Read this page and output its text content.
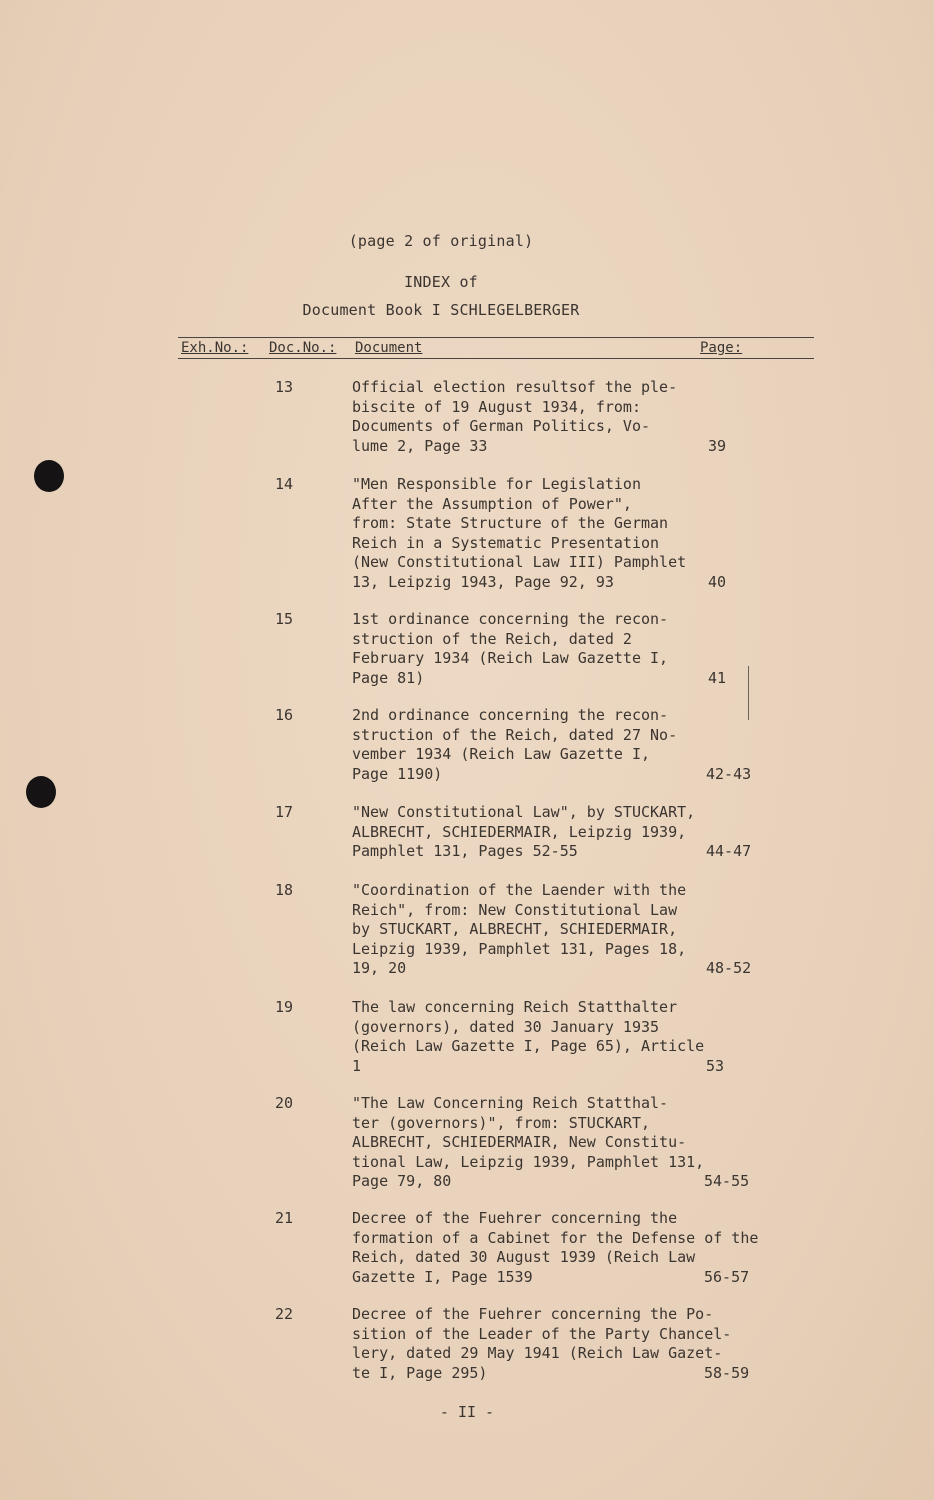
(page 2 of original)
INDEX of
Document Book I SCHLEGELBERGER
Exh.No.: Doc.No.: Document	Page:
13	Official election resultsof the ple-
biscite of 19 August 1934, from:
Documents of German Politics, Vo-
lume 2, Page 33	39
14	"Men Responsible for Legislation
After the Assumption of Power",
from: State Structure of the German
Reich in a Systematic Presentation
(New Constitutional Law III) Pamphlet
13, Leipzig 1943, Page 92, 93	40
15	1st ordinance concerning the recon-
struction of the Reich, dated 2
February 1934 (Reich Law Gazette I,
Page 81)	41
16	2nd ordinance concerning the recon-
struction of the Reich, dated 27 No-
vember 1934 (Reich Law Gazette I,
Page 1190)	42-43
17	"New Constitutional Law", by STUCKART,
ALBRECHT, SCHIEDERMAIR, Leipzig 1939,
Pamphlet 131, Pages 52-55	44-47
18	"Coordination of the Laender with the
Reich", from: New Constitutional Law
by STUCKART, ALBRECHT, SCHIEDERMAIR,
Leipzig 1939, Pamphlet 131, Pages 18,
19, 20	48-52
19	The law concerning Reich Statthalter
(governors), dated 30 January 1935
(Reich Law Gazette I, Page 65), Article
1	53
20	"The Law Concerning Reich Statthal-
ter (governors)", from: STUCKART,
ALBRECHT, SCHIEDERMAIR, New Constitu-
tional Law, Leipzig 1939, Pamphlet 131,
Page 79, 80	54-55
21	Decree of the Fuehrer concerning the
formation of a Cabinet for the Defense of the
Reich, dated 30 August 1939 (Reich Law
Gazette I, Page 1539	56-57
22	Decree of the Fuehrer concerning the Po-
sition of the Leader of the Party Chancel-
lery, dated 29 May 1941 (Reich Law Gazet-
te I, Page 295)	58-59
- II -
